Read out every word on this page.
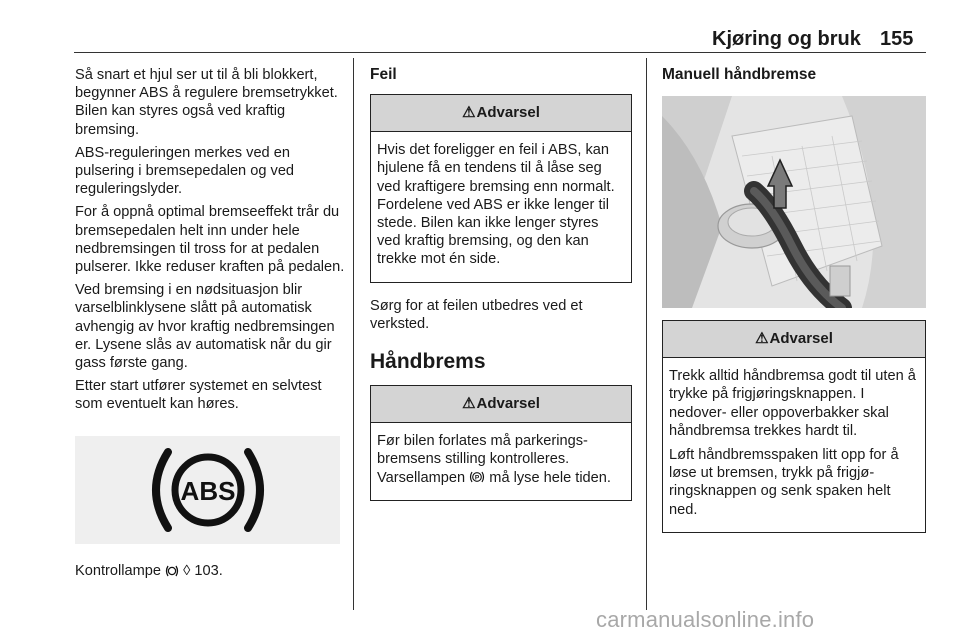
Kjøring og bruk 155

Så snart et hjul ser ut til å bli blokkert, begynner ABS å regulere bremsetrykket. Bilen kan styres også ved kraftig bremsing.

ABS-reguleringen merkes ved en pulsering i bremsepedalen og ved reguleringslyder.

For å oppnå optimal bremseeffekt trår du bremsepedalen helt inn under hele nedbremsingen til tross for at pedalen pulserer. Ikke reduser kraften på pedalen.

Ved bremsing i en nødsituasjon blir varselblinklysene slått på automatisk avhengig av hvor kraftig nedbremsingen er. Lysene slås av automatisk når du gir gass første gang.

Etter start utfører systemet en selvtest som eventuelt kan høres.

ABS

Kontrollampe ◊ 103.

Feil
⚠ Advarsel

Hvis det foreligger en feil i ABS, kan hjulene få en tendens til å låse seg ved kraftigere bremsing enn normalt. Fordelene ved ABS er ikke lenger til stede. Bilen kan ikke lenger styres ved kraftig bremsing, og den kan trekke mot én side.

Sørg for at feilen utbedres ved et verksted.

Håndbrems
⚠ Advarsel

Før bilen forlates må parkeringsbremsens stilling kontrolleres. Varsellampen P må lyse hele tiden.

Manuell håndbremse
⚠ Advarsel

Trekk alltid håndbremsa godt til uten å trykke på frigjøringsknappen. I nedover- eller oppoverbakker skal håndbremsa trekkes hardt til.

Løft håndbremsspaken litt opp for å løse ut bremsen, trykk på frigjøringsknappen og senk spaken helt ned.

carmanualsonline.info
